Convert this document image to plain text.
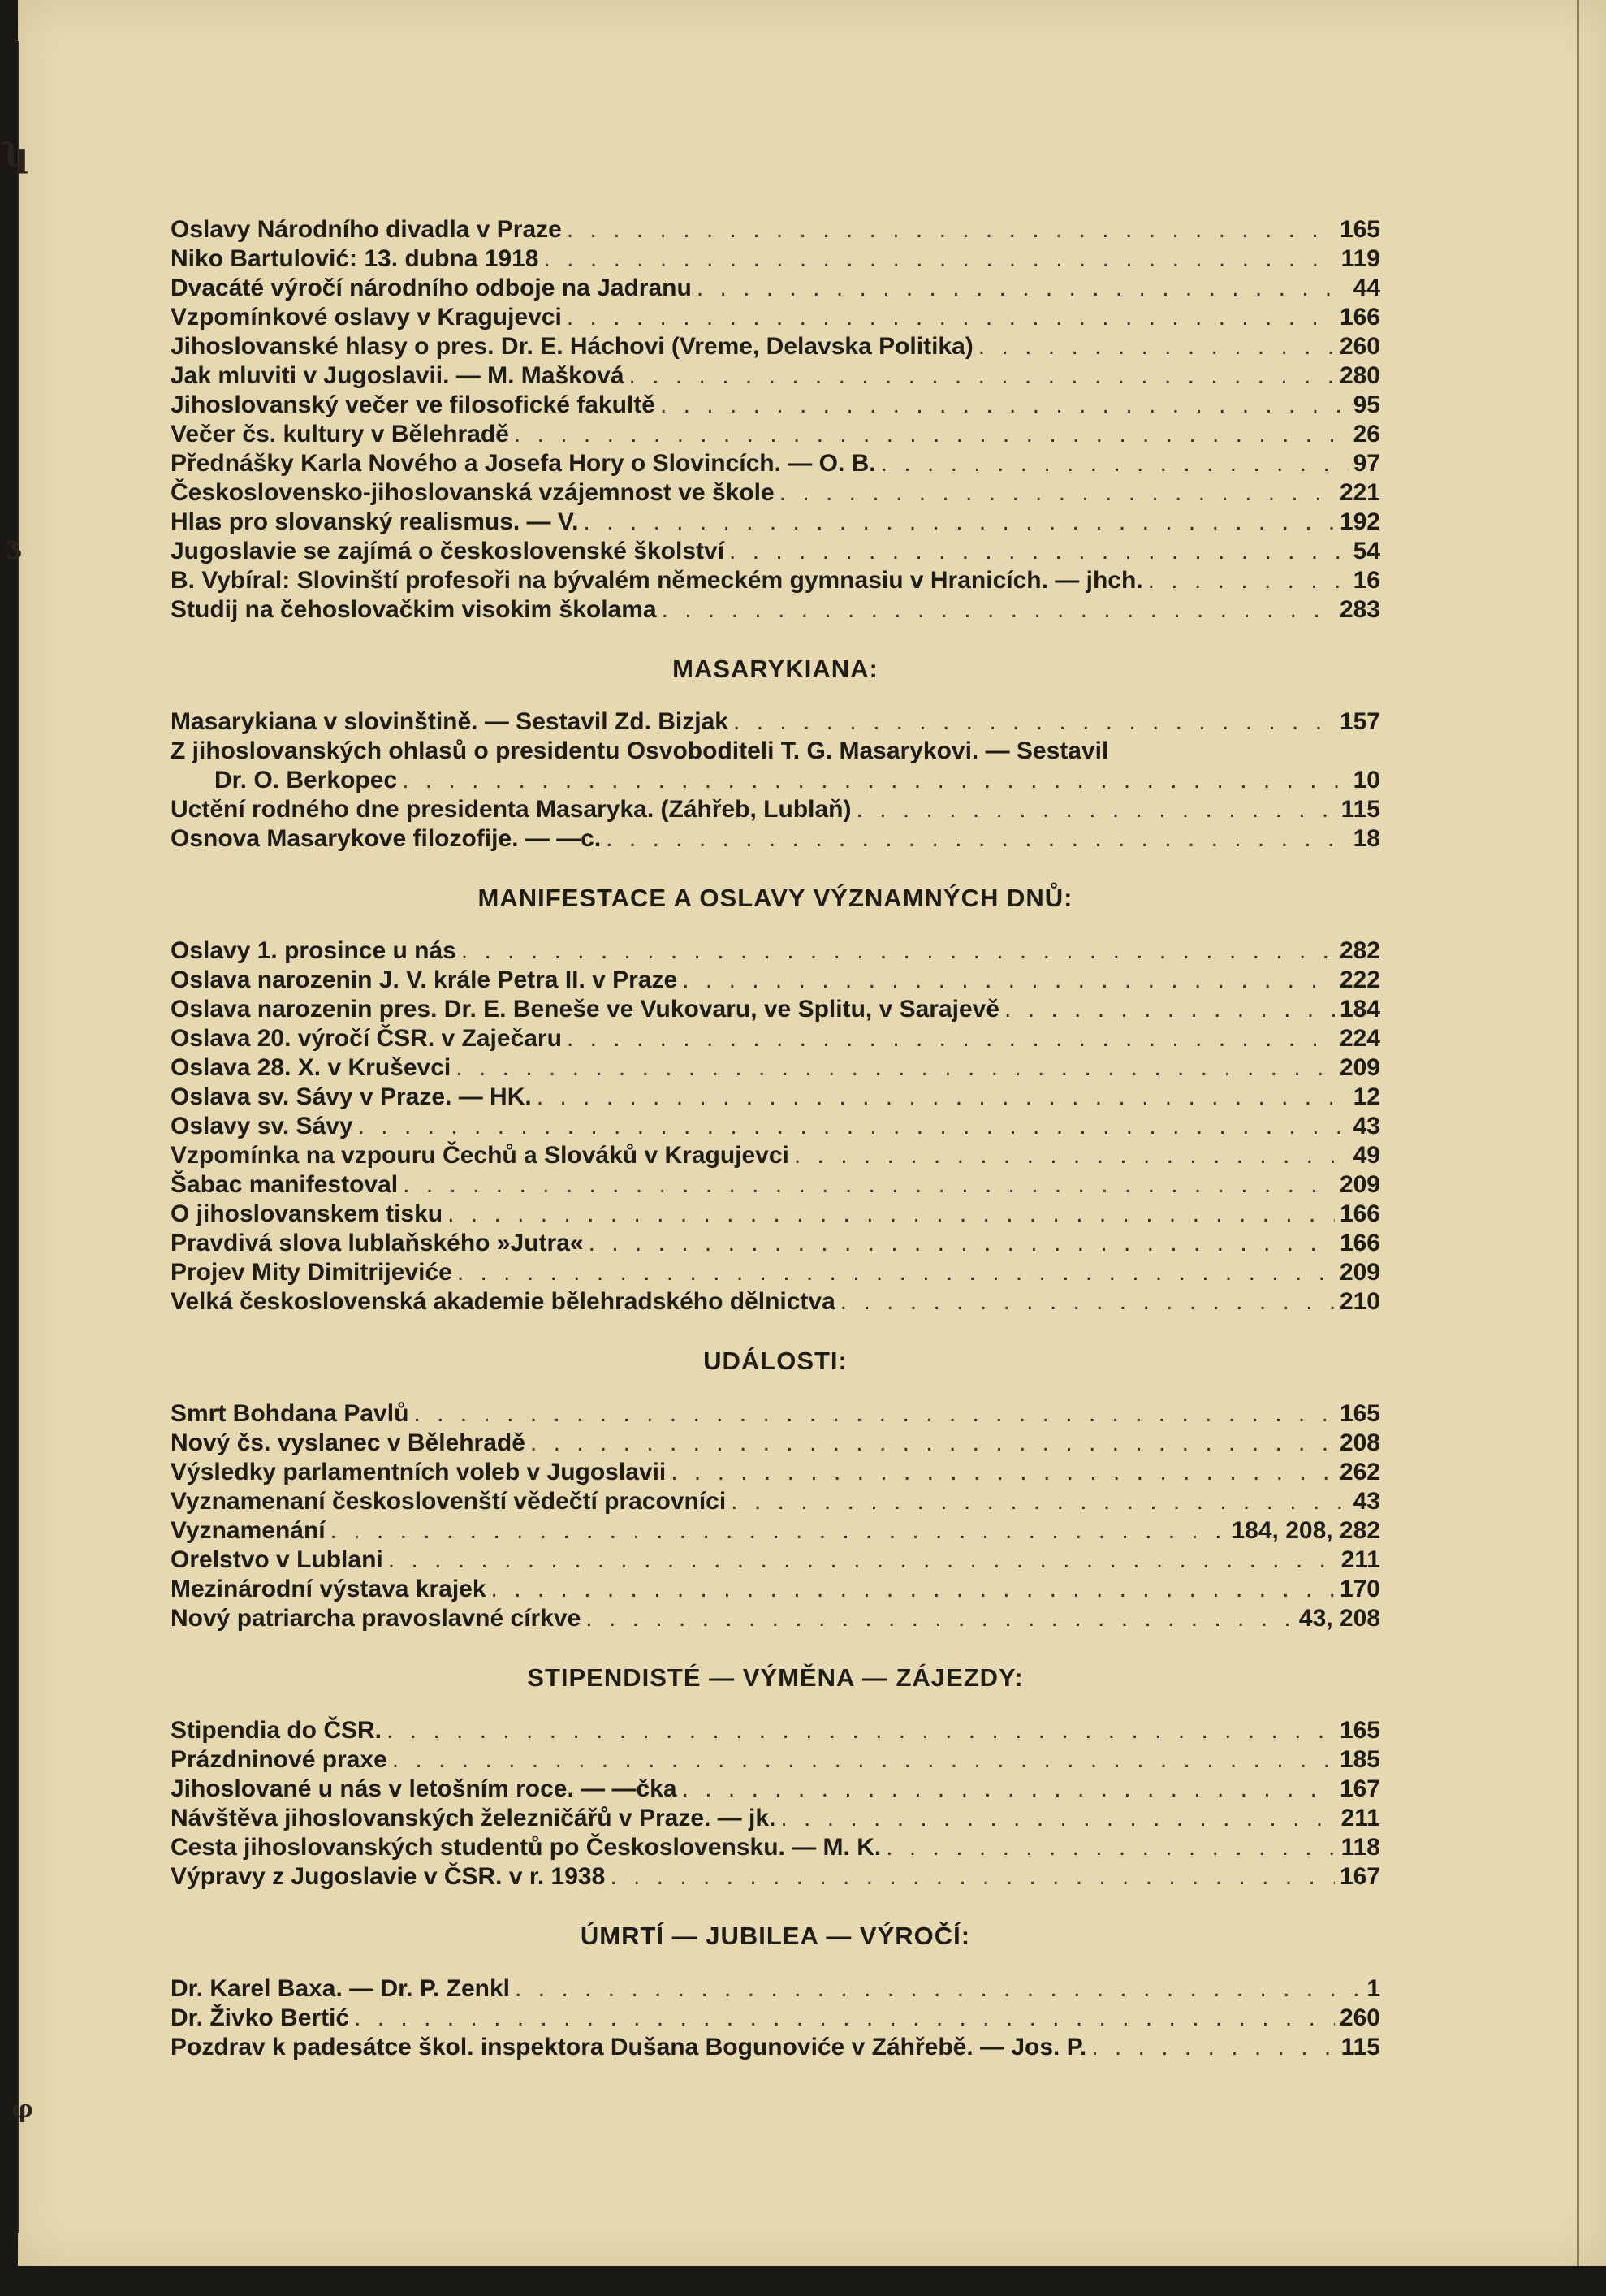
ʮ
ʒ
φ
Oslavy Národního divadla v Praze . . .	165
Niko Bartulović: 13. dubna 1918 . . .	119
Dvacáté výročí národního odboje na Jadranu . . .	44
Vzpomínkové oslavy v Kragujevci . . .	166
Jihoslovanské hlasy o pres. Dr. E. Háchovi (Vreme, Delavska Politika) . . .	260
Jak mluviti v Jugoslavii. — M. Mašková . . .	280
Jihoslovanský večer ve filosofické fakultě . . .	95
Večer čs. kultury v Bělehradě . . .	26
Přednášky Karla Nového a Josefa Hory o Slovincích. — O. B. . . .	97
Československo-jihoslovanská vzájemnost ve škole . . .	221
Hlas pro slovanský realismus. — V. . . .	192
Jugoslavie se zajímá o československé školství . . .	54
B. Vybíral: Slovinští profesoři na bývalém německém gymnasiu v Hranicích. — jhch. . . .	16
Studij na čehoslovačkim visokim školama . . .	283
MASARYKIANA:
Masarykiana v slovinštině. — Sestavil Zd. Bizjak . . .	157
Z jihoslovanských ohlasů o presidentu Osvoboditeli T. G. Masarykovi. — Sestavil
Dr. O. Berkopec . . .	10
Uctění rodného dne presidenta Masaryka. (Záhřeb, Lublaň) . . .	115
Osnova Masarykove filozofije. — —c. . . .	18
MANIFESTACE A OSLAVY VÝZNAMNÝCH DNŮ:
Oslavy 1. prosince u nás . . .	282
Oslava narozenin J. V. krále Petra II. v Praze . . .	222
Oslava narozenin pres. Dr. E. Beneše ve Vukovaru, ve Splitu, v Sarajevě . . .	184
Oslava 20. výročí ČSR. v Zaječaru . . .	224
Oslava 28. X. v Kruševci . . .	209
Oslava sv. Sávy v Praze. — HK. . . .	12
Oslavy sv. Sávy . . .	43
Vzpomínka na vzpouru Čechů a Slováků v Kragujevci . . .	49
Šabac manifestoval . . .	209
O jihoslovanskem tisku . . .	166
Pravdivá slova lublaňského »Jutra« . . .	166
Projev Mity Dimitrijeviće . . .	209
Velká československá akademie bělehradského dělnictva . . .	210
UDÁLOSTI:
Smrt Bohdana Pavlů . . .	165
Nový čs. vyslanec v Bělehradě . . .	208
Výsledky parlamentních voleb v Jugoslavii . . .	262
Vyznamenaní českoslovenští vědečtí pracovníci . . .	43
Vyznamenání . . .	184, 208, 282
Orelstvo v Lublani . . .	211
Mezinárodní výstava krajek . . .	170
Nový patriarcha pravoslavné církve . . .	43, 208
STIPENDISTÉ — VÝMĚNA — ZÁJEZDY:
Stipendia do ČSR. . . .	165
Prázdninové praxe . . .	185
Jihoslované u nás v letošním roce. — —čka . . .	167
Návštěva jihoslovanských železničářů v Praze. — jk. . . .	211
Cesta jihoslovanských studentů po Československu. — M. K. . . .	118
Výpravy z Jugoslavie v ČSR. v r. 1938 . . .	167
ÚMRTÍ — JUBILEA — VÝROČÍ:
Dr. Karel Baxa. — Dr. P. Zenkl . . .	1
Dr. Živko Bertić . . .	260
Pozdrav k padesátce škol. inspektora Dušana Bogunoviće v Záhřebě. — Jos. P. . . .	115
